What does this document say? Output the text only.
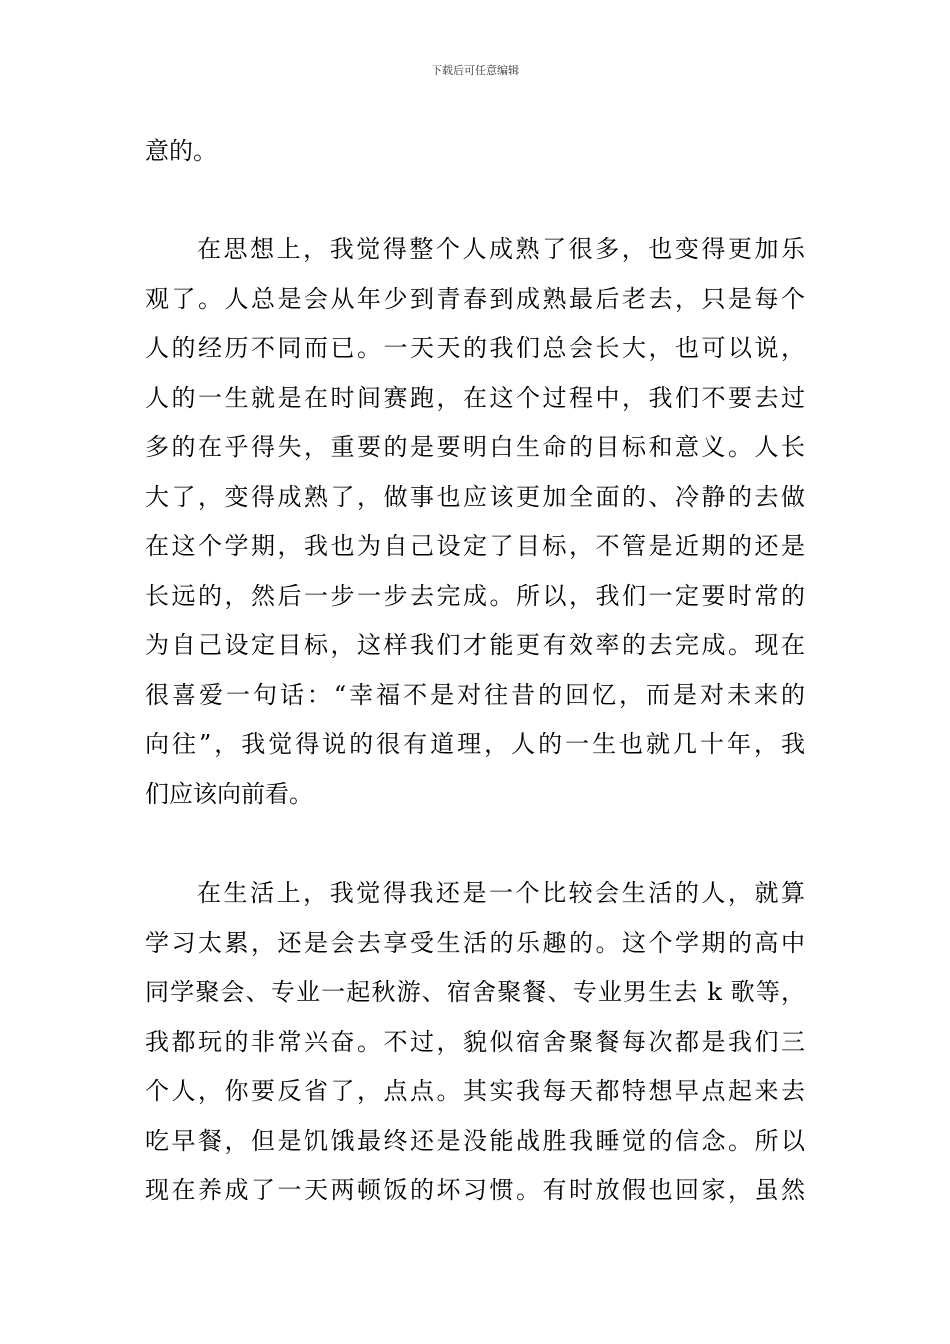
下载后可任意编辑
意的。
在思想上，我觉得整个人成熟了很多，也变得更加乐
观了。人总是会从年少到青春到成熟最后老去，只是每个
人的经历不同而已。一天天的我们总会长大，也可以说，
人的一生就是在时间赛跑，在这个过程中，我们不要去过
多的在乎得失，重要的是要明白生命的目标和意义。人长
大了，变得成熟了，做事也应该更加全面的、冷静的去做
在这个学期，我也为自己设定了目标，不管是近期的还是
长远的，然后一步一步去完成。所以，我们一定要时常的
为自己设定目标，这样我们才能更有效率的去完成。现在
很喜爱一句话：“幸福不是对往昔的回忆，而是对未来的
向往”，我觉得说的很有道理，人的一生也就几十年，我
们应该向前看。
在生活上，我觉得我还是一个比较会生活的人，就算
学习太累，还是会去享受生活的乐趣的。这个学期的高中
同学聚会、专业一起秋游、宿舍聚餐、专业男生去 k 歌等，
我都玩的非常兴奋。不过，貌似宿舍聚餐每次都是我们三
个人，你要反省了，点点。其实我每天都特想早点起来去
吃早餐，但是饥饿最终还是没能战胜我睡觉的信念。所以
现在养成了一天两顿饭的坏习惯。有时放假也回家，虽然
